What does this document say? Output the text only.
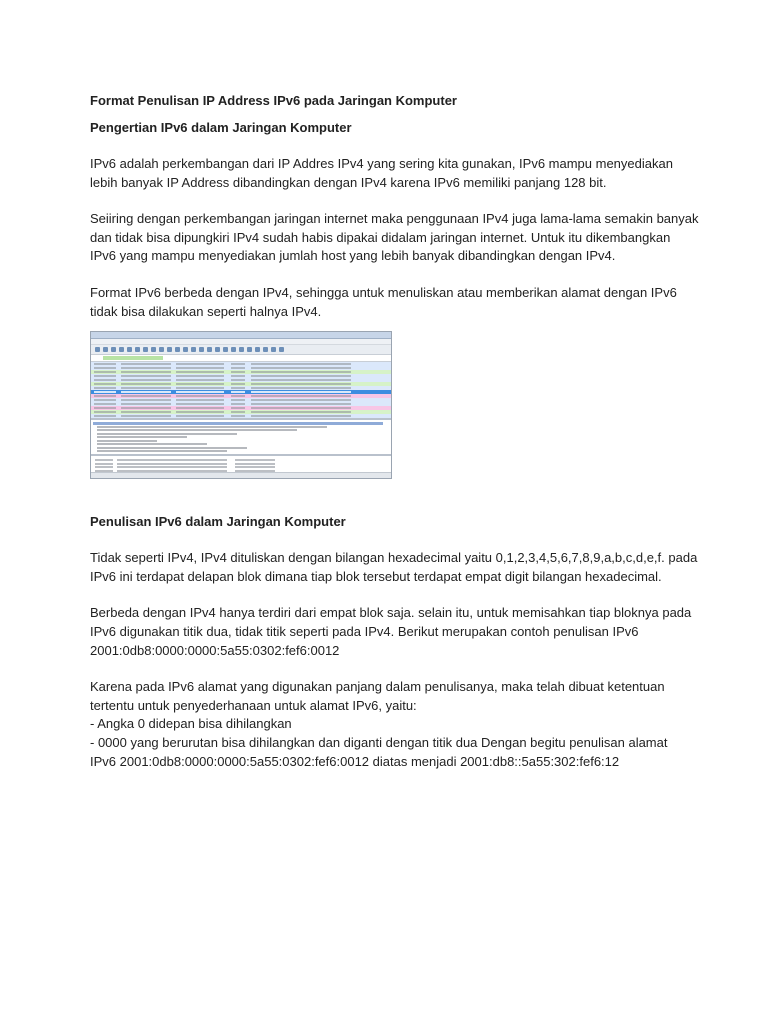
Format Penulisan IP Address IPv6 pada Jaringan Komputer
Pengertian IPv6 dalam Jaringan Komputer
IPv6 adalah perkembangan dari IP Addres IPv4 yang sering kita gunakan, IPv6 mampu menyediakan
lebih banyak IP Address dibandingkan dengan IPv4 karena IPv6 memiliki panjang 128 bit.
Seiiring dengan perkembangan jaringan internet maka penggunaan IPv4 juga lama-lama semakin banyak
dan tidak bisa dipungkiri IPv4 sudah habis dipakai didalam jaringan internet. Untuk itu dikembangkan
IPv6 yang mampu menyediakan jumlah host yang lebih banyak dibandingkan dengan IPv4.
Format IPv6 berbeda dengan IPv4, sehingga untuk menuliskan atau memberikan alamat dengan IPv6
tidak bisa dilakukan seperti halnya IPv4.
Penulisan IPv6 dalam Jaringan Komputer
Tidak seperti IPv4, IPv4 dituliskan dengan bilangan hexadecimal yaitu 0,1,2,3,4,5,6,7,8,9,a,b,c,d,e,f. pada
IPv6 ini terdapat delapan blok dimana tiap blok tersebut terdapat empat digit bilangan hexadecimal.
Berbeda dengan IPv4 hanya terdiri dari empat blok saja. selain itu, untuk memisahkan tiap bloknya pada
IPv6 digunakan titik dua, tidak titik seperti pada IPv4. Berikut merupakan contoh penulisan IPv6
2001:0db8:0000:0000:5a55:0302:fef6:0012
Karena pada IPv6 alamat yang digunakan panjang dalam penulisanya, maka telah dibuat ketentuan
tertentu untuk penyederhanaan untuk alamat IPv6, yaitu:
- Angka 0 didepan bisa dihilangkan
- 0000 yang berurutan bisa dihilangkan dan diganti dengan titik dua Dengan begitu penulisan alamat
IPv6 2001:0db8:0000:0000:5a55:0302:fef6:0012 diatas menjadi 2001:db8::5a55:302:fef6:12
